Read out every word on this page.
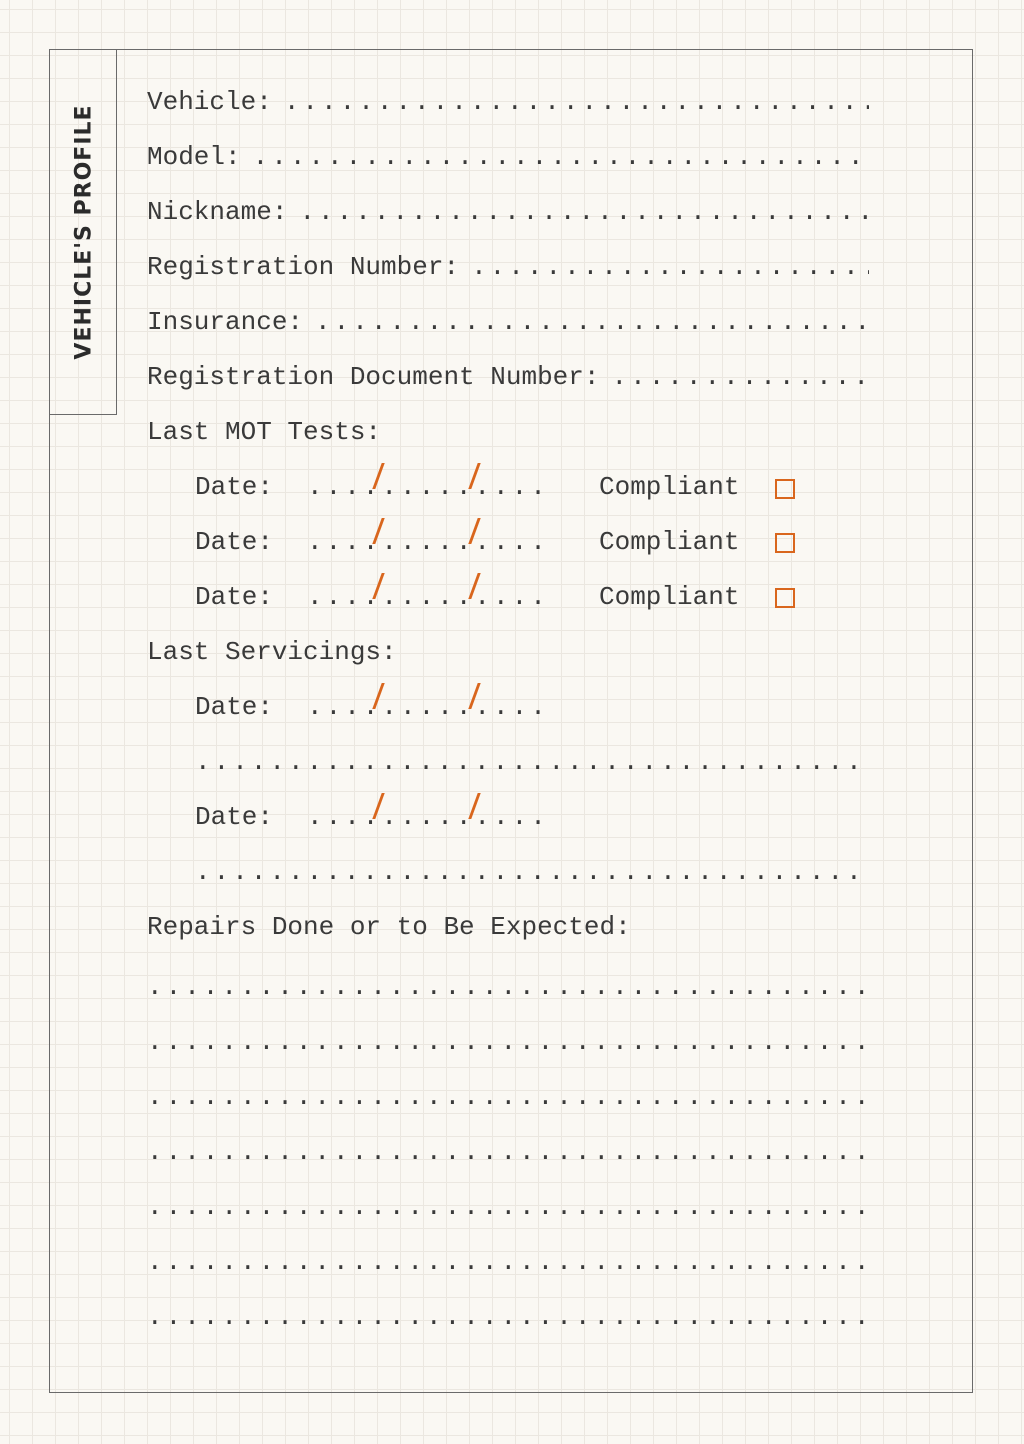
VEHICLE'S PROFILE
Vehicle:
.....
Model:
.....
Nickname:
.....
Registration Number:
.....
Insurance:
.....
Registration Document Number:
.....
Last MOT Tests:
Date: .....	Compliant
Date: .....	Compliant
Date: .....	Compliant
Last Servicings:
Date:
.....
.....
Date:
.....
.....
Repairs Done or to Be Expected:
.....
.....
.....
.....
.....
.....
.....
